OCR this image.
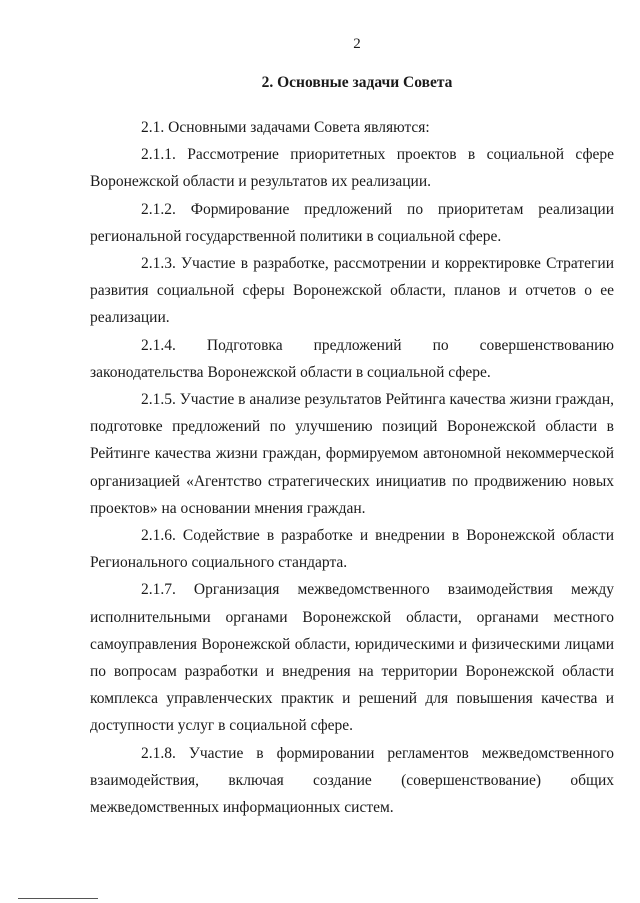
2
2. Основные задачи Совета

2.1. Основными задачами Совета являются:

2.1.1. Рассмотрение приоритетных проектов в социальной сфере Воронежской области и результатов их реализации.

2.1.2. Формирование предложений по приоритетам реализации региональной государственной политики в социальной сфере.

2.1.3. Участие в разработке, рассмотрении и корректировке Стратегии развития социальной сферы Воронежской области, планов и отчетов о ее реализации.

2.1.4. Подготовка предложений по совершенствованию законодательства Воронежской области в социальной сфере.

2.1.5. Участие в анализе результатов Рейтинга качества жизни граждан, подготовке предложений по улучшению позиций Воронежской области в Рейтинге качества жизни граждан, формируемом автономной некоммерческой организацией «Агентство стратегических инициатив по продвижению новых проектов» на основании мнения граждан.

2.1.6. Содействие в разработке и внедрении в Воронежской области Регионального социального стандарта.

2.1.7. Организация межведомственного взаимодействия между исполнительными органами Воронежской области, органами местного самоуправления Воронежской области, юридическими и физическими лицами по вопросам разработки и внедрения на территории Воронежской области комплекса управленческих практик и решений для повышения качества и доступности услуг в социальной сфере.

2.1.8. Участие в формировании регламентов межведомственного взаимодействия, включая создание (совершенствование) общих межведомственных информационных систем.
